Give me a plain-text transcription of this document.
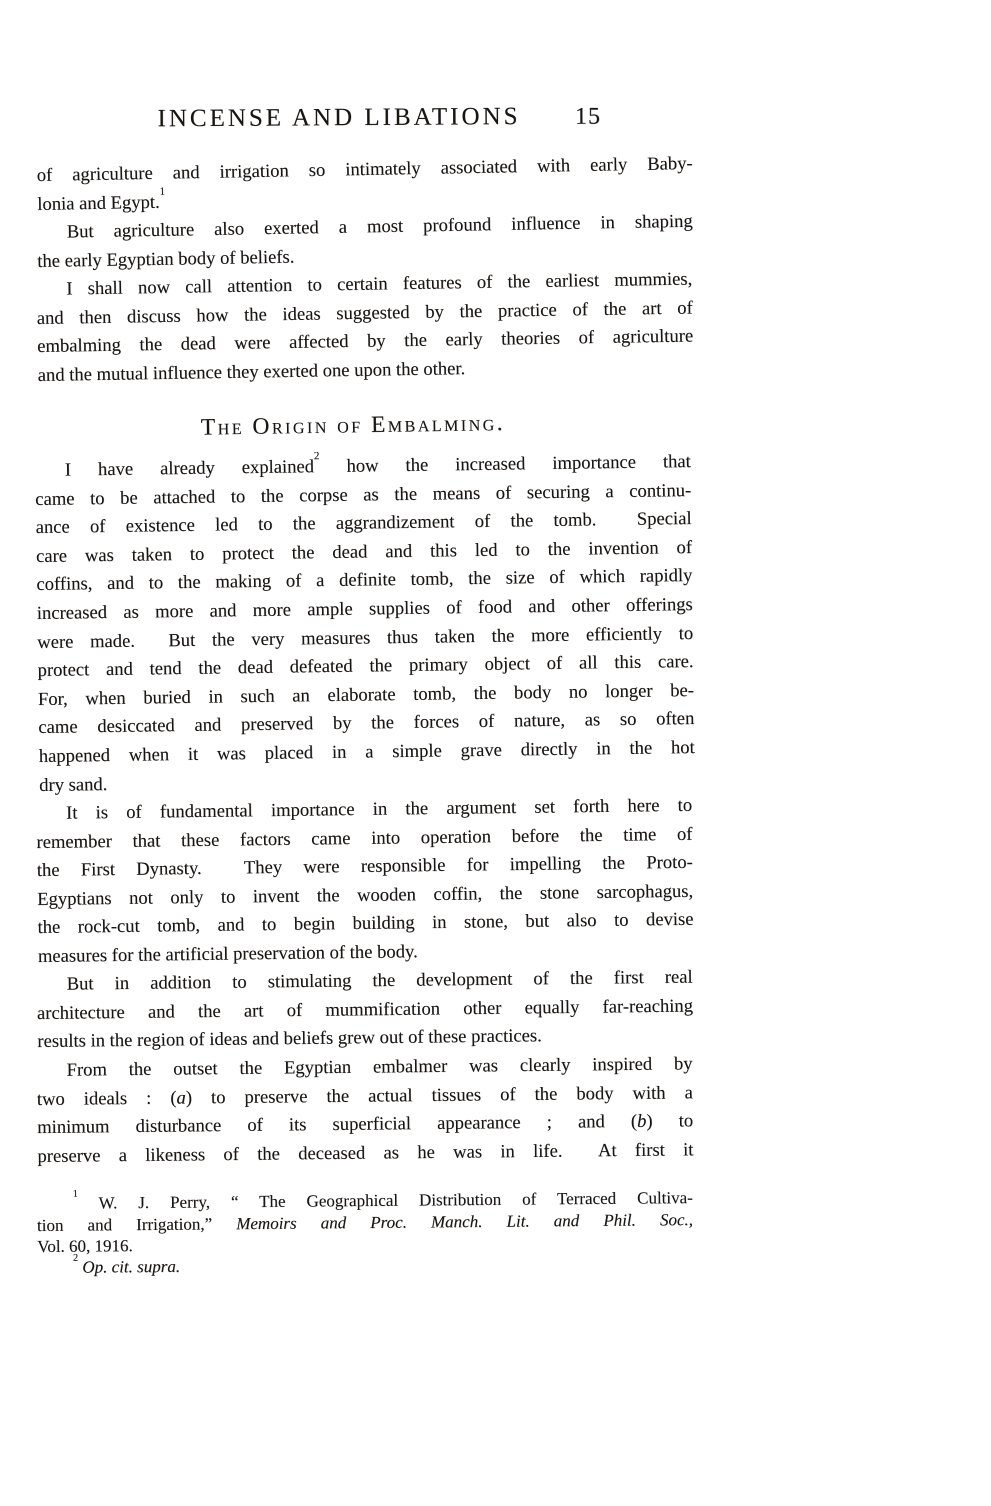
INCENSE AND LIBATIONS	15
of agriculture and irrigation so intimately associated with early Baby-
lonia and Egypt.$^1$
But agriculture also exerted a most profound influence in shaping
the early Egyptian body of beliefs.
I shall now call attention to certain features of the earliest mummies,
and then discuss how the ideas suggested by the practice of the art of
embalming the dead were affected by the early theories of agriculture
and the mutual influence they exerted one upon the other.
The Origin of Embalming.
I have already explained$^2$ how the increased importance that
came to be attached to the corpse as the means of securing a continu-
ance of existence led to the aggrandizement of the tomb.  Special
care was taken to protect the dead and this led to the invention of
coffins, and to the making of a definite tomb, the size of which rapidly
increased as more and more ample supplies of food and other offerings
were made.  But the very measures thus taken the more efficiently to
protect and tend the dead defeated the primary object of all this care.
For, when buried in such an elaborate tomb, the body no longer be-
came desiccated and preserved by the forces of nature, as so often
happened when it was placed in a simple grave directly in the hot
dry sand.
It is of fundamental importance in the argument set forth here to
remember that these factors came into operation before the time of
the First Dynasty.  They were responsible for impelling the Proto-
Egyptians not only to invent the wooden coffin, the stone sarcophagus,
the rock-cut tomb, and to begin building in stone, but also to devise
measures for the artificial preservation of the body.
But in addition to stimulating the development of the first real
architecture and the art of mummification other equally far-reaching
results in the region of ideas and beliefs grew out of these practices.
From the outset the Egyptian embalmer was clearly inspired by
two ideals : (a) to preserve the actual tissues of the body with a
minimum disturbance of its superficial appearance ; and (b) to
preserve a likeness of the deceased as he was in life.  At first it
$^1$ W. J. Perry, “ The Geographical Distribution of Terraced Cultiva-
tion and Irrigation,” Memoirs and Proc. Manch. Lit. and Phil. Soc.,
Vol. 60, 1916.
$^2$ Op. cit. supra.
